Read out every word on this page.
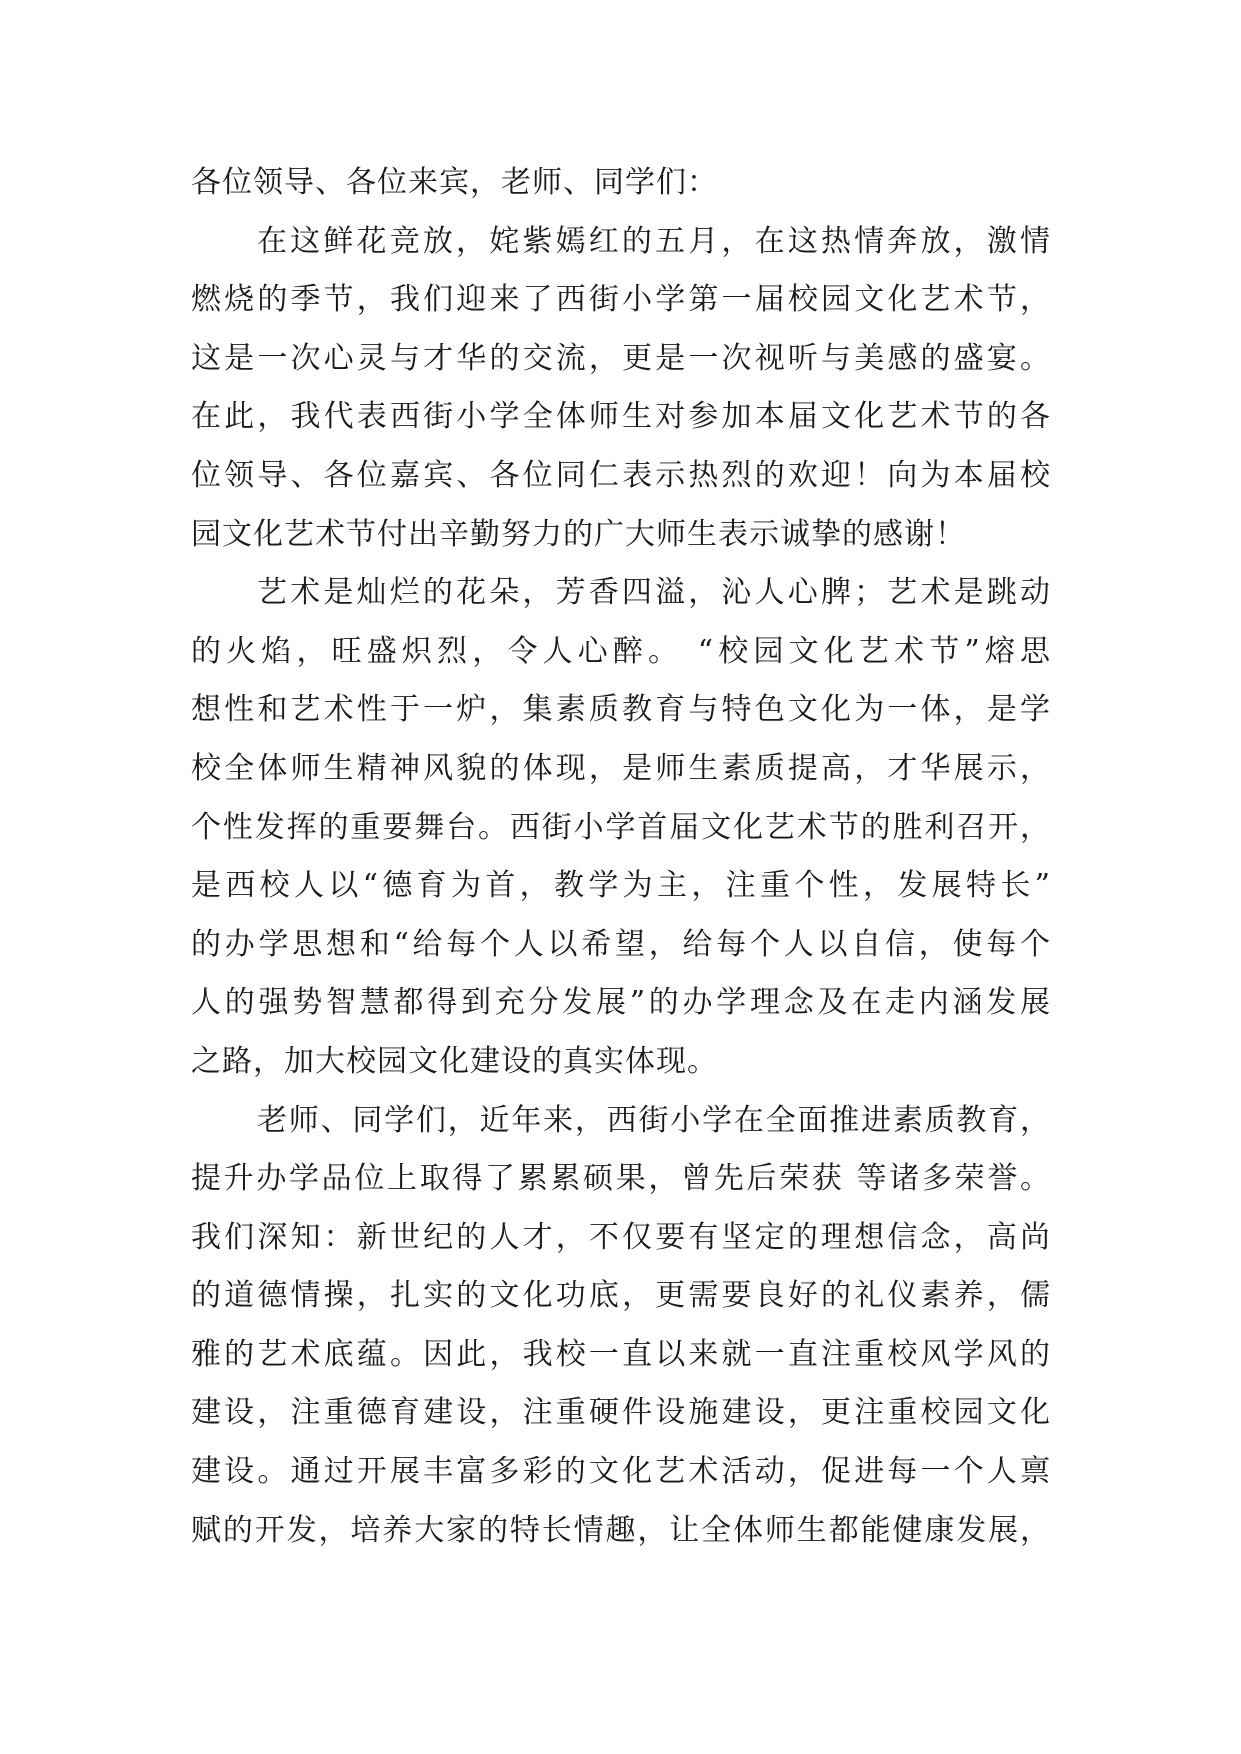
各位领导、各位来宾，老师、同学们：
在这鲜花竞放，姹紫嫣红的五月，在这热情奔放，激情
燃烧的季节，我们迎来了西街小学第一届校园文化艺术节，
这是一次心灵与才华的交流，更是一次视听与美感的盛宴。
在此，我代表西街小学全体师生对参加本届文化艺术节的各
位领导、各位嘉宾、各位同仁表示热烈的欢迎！向为本届校
园文化艺术节付出辛勤努力的广大师生表示诚挚的感谢！
艺术是灿烂的花朵，芳香四溢，沁人心脾；艺术是跳动
的火焰，旺盛炽烈，令人心醉。 “校园文化艺术节”熔思
想性和艺术性于一炉，集素质教育与特色文化为一体，是学
校全体师生精神风貌的体现，是师生素质提高，才华展示，
个性发挥的重要舞台。西街小学首届文化艺术节的胜利召开，
是西校人以“德育为首，教学为主，注重个性，发展特长”
的办学思想和“给每个人以希望，给每个人以自信，使每个
人的强势智慧都得到充分发展”的办学理念及在走内涵发展
之路，加大校园文化建设的真实体现。
老师、同学们，近年来，西街小学在全面推进素质教育，
提升办学品位上取得了累累硕果，曾先后荣获 等诸多荣誉。
我们深知：新世纪的人才，不仅要有坚定的理想信念，高尚
的道德情操，扎实的文化功底，更需要良好的礼仪素养，儒
雅的艺术底蕴。因此，我校一直以来就一直注重校风学风的
建设，注重德育建设，注重硬件设施建设，更注重校园文化
建设。通过开展丰富多彩的文化艺术活动，促进每一个人禀
赋的开发，培养大家的特长情趣，让全体师生都能健康发展，
